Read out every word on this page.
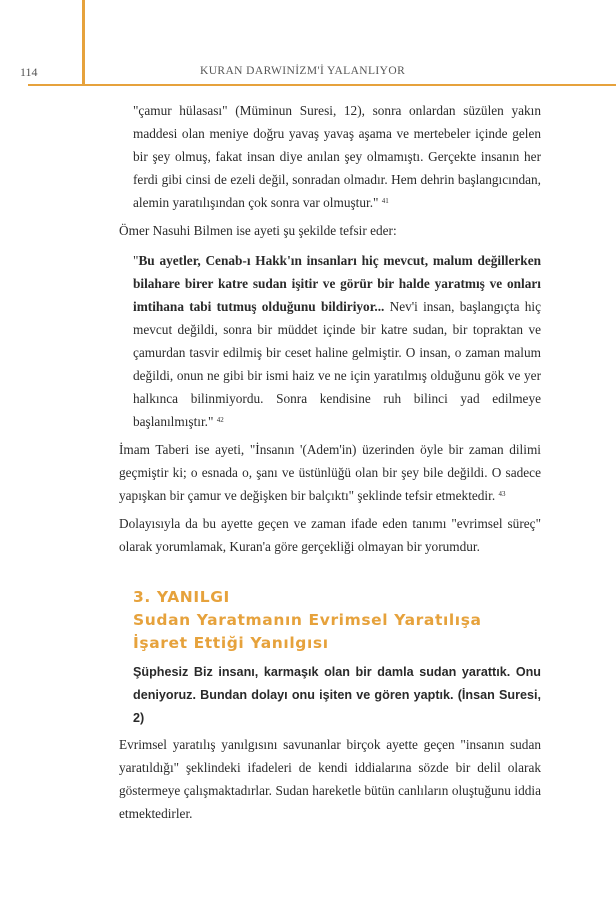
114	KURAN DARWINİZM'İ YALANLIYOR

"çamur hülasası" (Müminun Suresi, 12), sonra onlardan süzülen yakın maddesi olan meniye doğru yavaş yavaş aşama ve mertebeler içinde gelen bir şey olmuş, fakat insan diye anılan şey olmamıştı. Gerçekte insanın her ferdi gibi cinsi de ezeli değil, sonradan olmadır. Hem dehrin başlangıcından, alemin yaratılışından çok sonra var olmuştur." $^{41}$

Ömer Nasuhi Bilmen ise ayeti şu şekilde tefsir eder:

"Bu ayetler, Cenab-ı Hakk'ın insanları hiç mevcut, malum değillerken bilahare birer katre sudan işitir ve görür bir halde yaratmış ve onları imtihana tabi tutmuş olduğunu bildiriyor... Nev'i insan, başlangıçta hiç mevcut değildi, sonra bir müddet içinde bir katre sudan, bir topraktan ve çamurdan tasvir edilmiş bir ceset haline gelmiştir. O insan, o zaman malum değildi, onun ne gibi bir ismi haiz ve ne için yaratılmış olduğunu gök ve yer halkınca bilinmiyordu. Sonra kendisine ruh bilinci yad edilmeye başlanılmıştır." $^{42}$

İmam Taberi ise ayeti, "İnsanın '(Adem'in) üzerinden öyle bir zaman dilimi geçmiştir ki; o esnada o, şanı ve üstünlüğü olan bir şey bile değildi. O sadece yapışkan bir çamur ve değişken bir balçıktı" şeklinde tefsir etmektedir. $^{43}$

Dolayısıyla da bu ayette geçen ve zaman ifade eden tanımı "evrimsel süreç" olarak yorumlamak, Kuran'a göre gerçekliği olmayan bir yorumdur.

3. YANILGI
Sudan Yaratmanın Evrimsel Yaratılışa
İşaret Ettiği Yanılgısı

Şüphesiz Biz insanı, karmaşık olan bir damla sudan yarattık. Onu deniyoruz. Bundan dolayı onu işiten ve gören yaptık. (İnsan Suresi, 2)

Evrimsel yaratılış yanılgısını savunanlar birçok ayette geçen "insanın sudan yaratıldığı" şeklindeki ifadeleri de kendi iddialarına sözde bir delil olarak göstermeye çalışmaktadırlar. Sudan hareketle bütün canlıların oluştuğunu iddia etmektedirler.
